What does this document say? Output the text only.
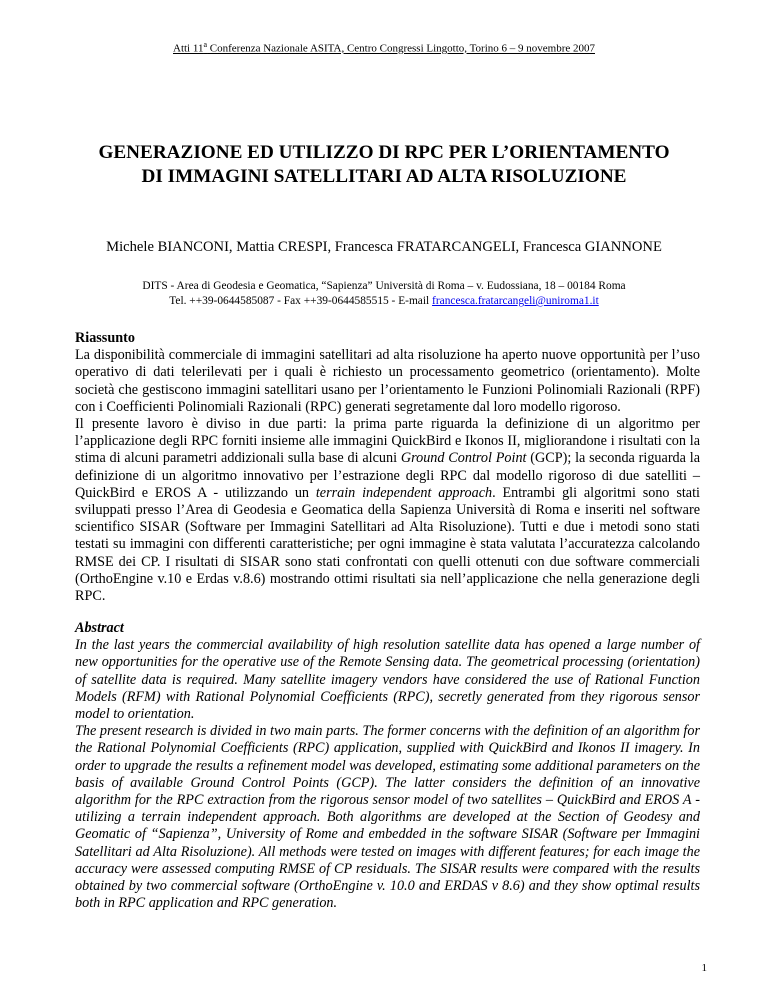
Atti 11$^a$ Conferenza Nazionale ASITA, Centro Congressi Lingotto, Torino 6 – 9 novembre 2007
GENERAZIONE ED UTILIZZO DI RPC PER L’ORIENTAMENTO
DI IMMAGINI SATELLITARI AD ALTA RISOLUZIONE
Michele BIANCONI, Mattia CRESPI, Francesca FRATARCANGELI, Francesca GIANNONE
DITS - Area di Geodesia e Geomatica, “Sapienza” Università di Roma – v. Eudossiana, 18 – 00184 Roma
Tel. ++39-0644585087 - Fax ++39-0644585515 - E-mail francesca.fratarcangeli@uniroma1.it

Riassunto

La disponibilità commerciale di immagini satellitari ad alta risoluzione ha aperto nuove opportunità per l’uso operativo di dati telerilevati per i quali è richiesto un processamento geometrico (orientamento). Molte società che gestiscono immagini satellitari usano per l’orientamento le Funzioni Polinomiali Razionali (RPF) con i Coefficienti Polinomiali Razionali (RPC) generati segretamente dal loro modello rigoroso.

Il presente lavoro è diviso in due parti: la prima parte riguarda la definizione di un algoritmo per l’applicazione degli RPC forniti insieme alle immagini QuickBird e Ikonos II, migliorandone i risultati con la stima di alcuni parametri addizionali sulla base di alcuni Ground Control Point (GCP); la seconda riguarda la definizione di un algoritmo innovativo per l’estrazione degli RPC dal modello rigoroso di due satelliti – QuickBird e EROS A - utilizzando un terrain independent approach. Entrambi gli algoritmi sono stati sviluppati presso l’Area di Geodesia e Geomatica della Sapienza Università di Roma e inseriti nel software scientifico SISAR (Software per Immagini Satellitari ad Alta Risoluzione). Tutti e due i metodi sono stati testati su immagini con differenti caratteristiche; per ogni immagine è stata valutata l’accuratezza calcolando RMSE dei CP. I risultati di SISAR sono stati confrontati con quelli ottenuti con due software commerciali (OrthoEngine v.10 e Erdas v.8.6) mostrando ottimi risultati sia nell’applicazione che nella generazione degli RPC.

Abstract

In the last years the commercial availability of high resolution satellite data has opened a large number of new opportunities for the operative use of the Remote Sensing data. The geometrical processing (orientation) of satellite data is required. Many satellite imagery vendors have considered the use of Rational Function Models (RFM) with Rational Polynomial Coefficients (RPC), secretly generated from they rigorous sensor model to orientation.

The present research is divided in two main parts. The former concerns with the definition of an algorithm for the Rational Polynomial Coefficients (RPC) application, supplied with QuickBird and Ikonos II imagery. In order to upgrade the results a refinement model was developed, estimating some additional parameters on the basis of available Ground Control Points (GCP). The latter considers the definition of an innovative algorithm for the RPC extraction from the rigorous sensor model of two satellites – QuickBird and EROS A - utilizing a terrain independent approach. Both algorithms are developed at the Section of Geodesy and Geomatic of “Sapienza”, University of Rome and embedded in the software SISAR (Software per Immagini Satellitari ad Alta Risoluzione). All methods were tested on images with different features; for each image the accuracy were assessed computing RMSE of CP residuals. The SISAR results were compared with the results obtained by two commercial software (OrthoEngine v. 10.0 and ERDAS v 8.6) and they show optimal results both in RPC application and RPC generation.

1
